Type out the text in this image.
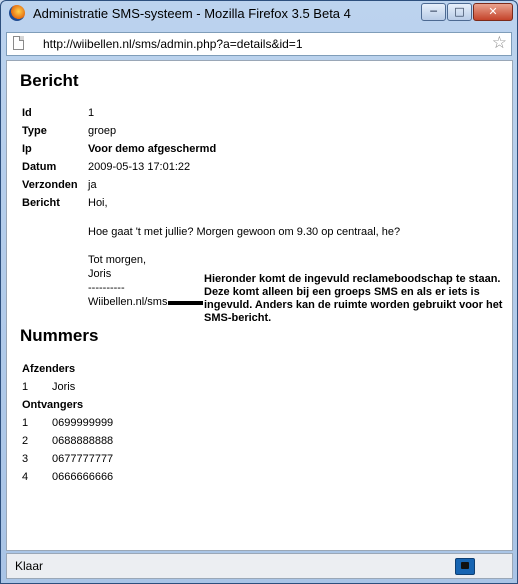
Administratie SMS-systeem - Mozilla Firefox 3.5 Beta 4	─	□	✕
http://wiibellen.nl/sms/admin.php?a=details&id=1	☆
Bericht
Id	1
Type	groep
Ip	Voor demo afgeschermd
Datum	2009-05-13 17:01:22
Verzonden ja
Bericht	Hoi,

Hoe gaat 't met jullie? Morgen gewoon om 9.30 op centraal, he?

Tot morgen,
Joris
----------
Wiibellen.nl/sms
Hieronder komt de ingevuld reclameboodschap te staan. Deze komt alleen bij een groeps SMS en als er iets is ingevuld. Anders kan de ruimte worden gebruikt voor het SMS-bericht.
Nummers
Afzenders
1 Joris
Ontvangers
1 0699999999
2 0688888888
3 0677777777
4 0666666666
Klaar
